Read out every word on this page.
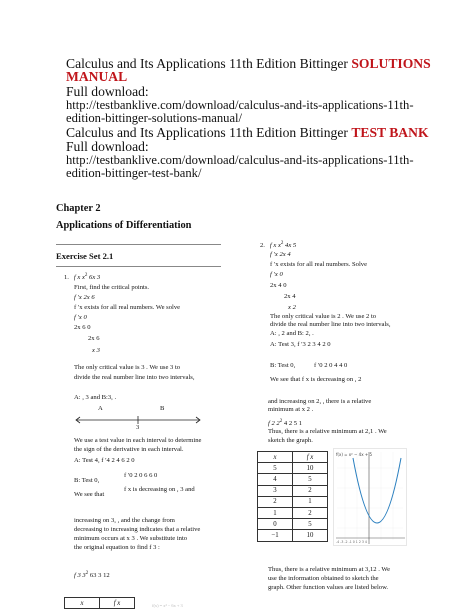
Calculus and Its Applications 11th Edition Bittinger SOLUTIONS
MANUAL
Full download:
http://testbanklive.com/download/calculus-and-its-applications-11th-
edition-bittinger-solutions-manual/
Calculus and Its Applications 11th Edition Bittinger TEST BANK
Full download:
http://testbanklive.com/download/calculus-and-its-applications-11th-
edition-bittinger-test-bank/
Chapter 2
Applications of Differentiation
Exercise Set 2.1
1. f x $x^2$ 6x 3
First, find the critical points.
f ′x 2x 6
f ′x exists for all real numbers. We solve
f ′x 0
2x 6 0
2x 6
x 3
The only critical value is 3 . We use 3 to
divide the real number line into two intervals,
A: , 3 and B:3, .
A	B
3
We use a test value in each interval to determine
the sign of the derivative in each interval.
A: Test 4, f ′4 2 4 6 2 0
B: Test 0,
f ′0 2 0 6 6 0
f x is decreasing on , 3 and
We see that
increasing on 3, , and the change from
decreasing to increasing indicates that a relative
minimum occurs at x 3 . We substitute into
the original equation to find f 3 :
f 3 $3^2$ 63 3 12
x	f x	f(x) = x² − 6x + 3
2. f x $x^2$ 4x 5
f ′x 2x 4
f ′x exists for all real numbers. Solve
f ′x 0
2x 4 0
2x 4
x 2
The only critical value is 2 . We use 2 to
divide the real number line into two intervals,
A: , 2 and B: 2, .
A: Test 3, f ′3 2 3 4 2 0
B: Test 0,	f ′0 2 0 4 4 0
We see that f x is decreasing on , 2
and increasing on 2, , there is a relative
minimum at x 2 .
f 2 $2^2$ 4 2 5 1
Thus, there is a relative minimum at 2,1 . We
sketch the graph.
x	f x
5	10
4	5
3	2
2	1
1	2
0	5
−1	10
-4 -3 -2 -1 0 1 2 3 4
f(x) = x² − 4x + 5
Thus, there is a relative minimum at 3,12 . We
use the information obtained to sketch the
graph. Other function values are listed below.
